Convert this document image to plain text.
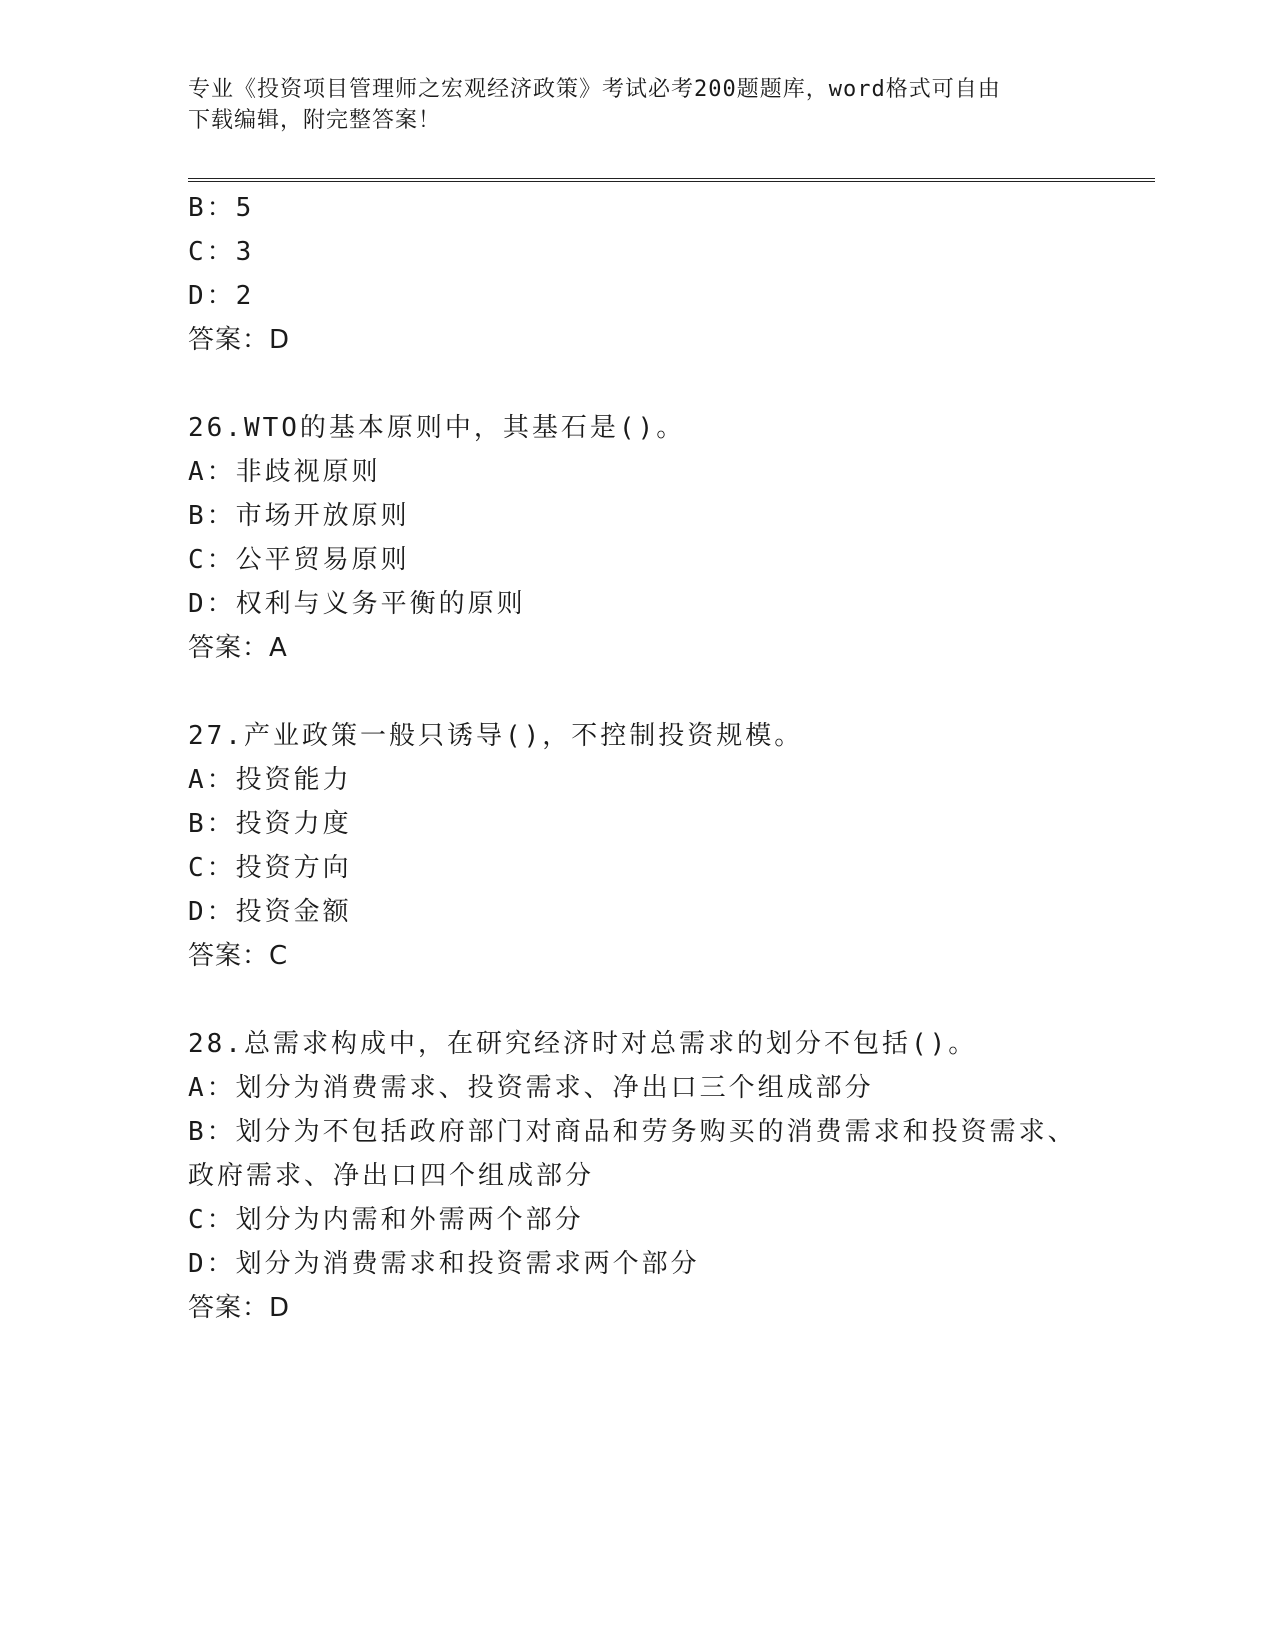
专业《投资项目管理师之宏观经济政策》考试必考200题题库，word格式可自由
下载编辑，附完整答案！
B：5
C：3
D：2
答案：D
26.WTO的基本原则中，其基石是()。
A：非歧视原则
B：市场开放原则
C：公平贸易原则
D：权利与义务平衡的原则
答案：A
27.产业政策一般只诱导()，不控制投资规模。
A：投资能力
B：投资力度
C：投资方向
D：投资金额
答案：C
28.总需求构成中，在研究经济时对总需求的划分不包括()。
A：划分为消费需求、投资需求、净出口三个组成部分
B：划分为不包括政府部门对商品和劳务购买的消费需求和投资需求、
政府需求、净出口四个组成部分
C：划分为内需和外需两个部分
D：划分为消费需求和投资需求两个部分
答案：D
